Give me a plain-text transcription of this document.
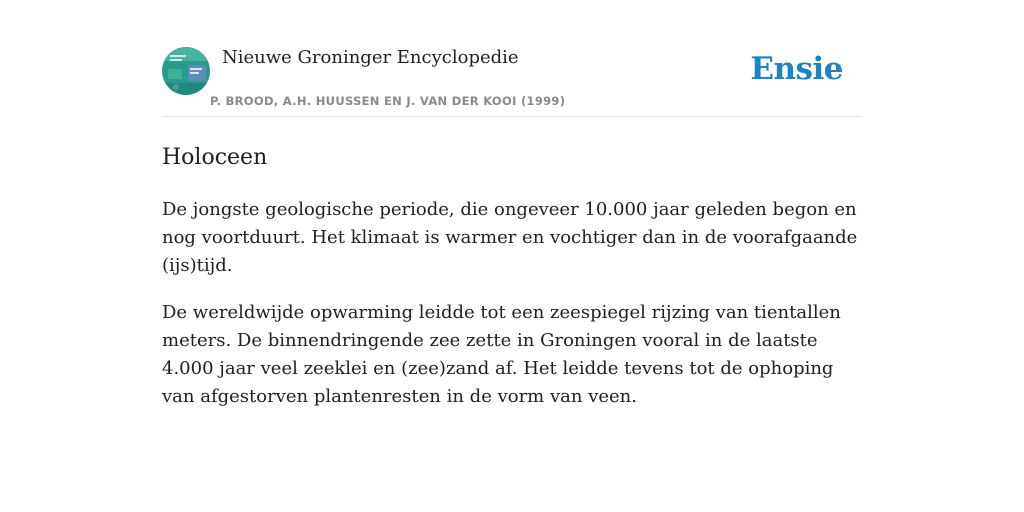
Nieuwe Groninger Encyclopedie
P. BROOD, A.H. HUUSSEN EN J. VAN DER KOOI (1999)
Ensie
Holoceen

De jongste geologische periode, die ongeveer 10.000 jaar geleden begon en nog voortduurt. Het klimaat is warmer en vochtiger dan in de voorafgaande (ijs)tijd.

De wereldwijde opwarming leidde tot een zeespiegel rijzing van tientallen meters. De binnendringende zee zette in Groningen vooral in de laatste 4.000 jaar veel zeeklei en (zee)zand af. Het leidde tevens tot de ophoping van afgestorven plantenresten in de vorm van veen.
